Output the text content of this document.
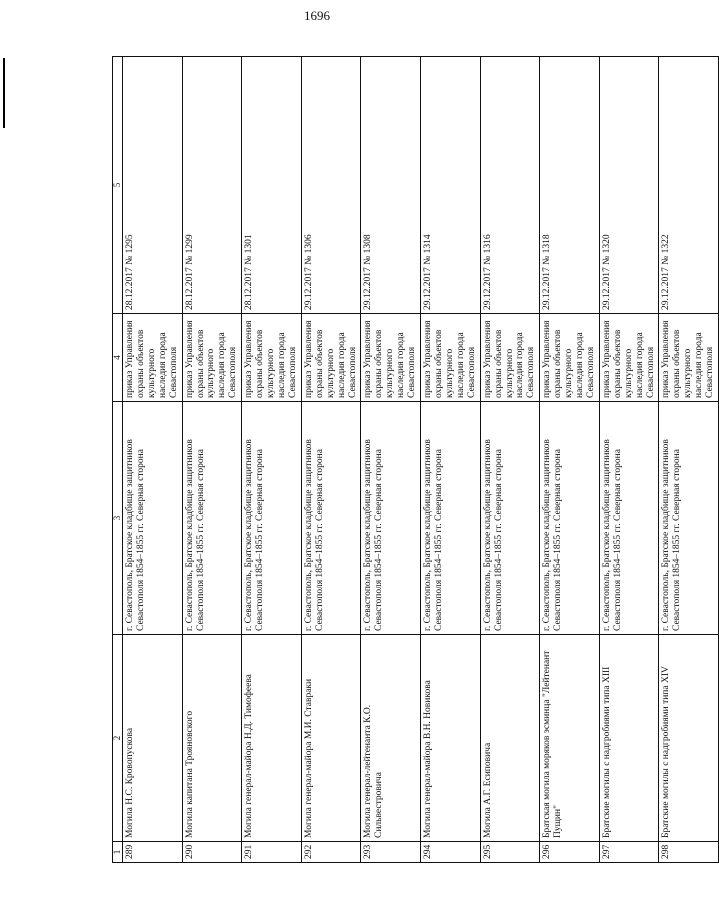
1696
1	2	3	4	5
289	Могила Н.С. Кровопускова	г. Севастополь, Братское кладбище защитников Севастополя 1854–1855 гг. Северная сторона	приказ Управления охраны объектов культурного наследия города Севастополя	28.12.2017 № 1295
290	Могила капитана Трояновского	г. Севастополь, Братское кладбище защитников Севастополя 1854–1855 гг. Северная сторона	приказ Управления охраны объектов культурного наследия города Севастополя	28.12.2017 № 1299
291	Могила генерал-майора Н.Д. Тимофеева	г. Севастополь, Братское кладбище защитников Севастополя 1854–1855 гг. Северная сторона	приказ Управления охраны объектов культурного наследия города Севастополя	28.12.2017 № 1301
292	Могила генерал-майора М.И. Ставраки	г. Севастополь, Братское кладбище защитников Севастополя 1854–1855 гг. Северная сторона	приказ Управления охраны объектов культурного наследия города Севастополя	29.12.2017 № 1306
293	Могила генерал-лейтенанта К.О. Сильвестровича	г. Севастополь, Братское кладбище защитников Севастополя 1854–1855 гг. Северная сторона	приказ Управления охраны объектов культурного наследия города Севастополя	29.12.2017 № 1308
294	Могила генерал-майора В.Н. Новикова	г. Севастополь, Братское кладбище защитников Севастополя 1854–1855 гг. Северная сторона	приказ Управления охраны объектов культурного наследия города Севастополя	29.12.2017 № 1314
295	Могила А.Г. Есиповича	г. Севастополь, Братское кладбище защитников Севастополя 1854–1855 гг. Северная сторона	приказ Управления охраны объектов культурного наследия города Севастополя	29.12.2017 № 1316
296	Братская могила моряков эсминца "Лейтенант Пущин"	г. Севастополь, Братское кладбище защитников Севастополя 1854–1855 гг. Северная сторона	приказ Управления охраны объектов культурного наследия города Севастополя	29.12.2017 № 1318
297	Братские могилы с надгробиями типа XIII	г. Севастополь, Братское кладбище защитников Севастополя 1854–1855 гг. Северная сторона	приказ Управления охраны объектов культурного наследия города Севастополя	29.12.2017 № 1320
298	Братские могилы с надгробиями типа XIV	г. Севастополь, Братское кладбище защитников Севастополя 1854–1855 гг. Северная сторона	приказ Управления охраны объектов культурного наследия города Севастополя	29.12.2017 № 1322
